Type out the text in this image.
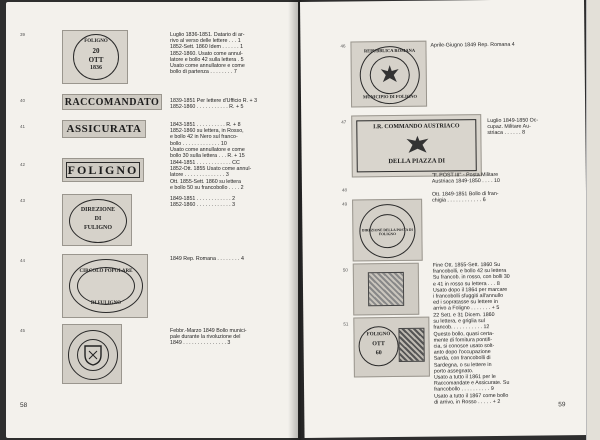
39
FOLIGNO
20
OTT
1836
Luglio 1836-1851. Datario di ar-
rivo al verso delle lettere . . . 1
1852-Sett. 1860 Idem . . . . . . 1
1852-1860. Usato come annul-
latore e bollo 42 sulla lettera . 5
Usato come annullatore e come
bollo di partenza . . . . . . . . 7
40	RACCOMANDATO	1839-1851 Per lettere d'Ufficio R. + 3
1852-1860 . . . . . . . . . . . R. + 5
41	ASSICURATA	1843-1851 . . . . . . . . . . R. + 8
1852-1860 su lettera, in Rosso,
e bollo 42 in Nero sul franco-
bollo . . . . . . . . . . . . . 10
Usato come annullatore e come
bollo 30 sulla lettera . . . R. + 15
42	FOLIGNO	1844-1851 . . . . . . . . . . . . CC
1852-Ott. 1855 Usato come annul-
latore . . . . . . . . . . . . . . 3
Ott. 1855-Sett. 1860 su lettera
e bollo 50 su francobollo . . . . 2
43
DIREZIONE
DI
FULIGNO
1849-1851 . . . . . . . . . . . . 2
1852-1860 . . . . . . . . . . . . 3
44
CIRCOLO POPOLARE
DI FULIGNO
1849 Rep. Romana . . . . . . . . 4
45	Febbr.-Marzo 1849 Bollo munici-
pale durante la rivoluzione del
1849 . . . . . . . . . . . . . . . 3
58
46
REPUBBLICA ROMANA
MUNICIPIO DI FOLIGNO
Aprile-Giugno 1849 Rep. Romana 4
47
I.R. COMMANDO AUSTRIACO
DELLA PIAZZA DI
Luglio 1849-1850 Oc-
cupaz. Militare Au-
striaca . . . . . . 8
48
"F. POST III" - Posta Militare
Austriaca 1849-1850 . . . . 10

Ott. 1849-1851 Bollo di fran-
chigia . . . . . . . . . . . . 6
49
DIREZIONE DELLA POSTA DI FOLIGNO
50
Fine Ott. 1855-Sett. 1860 Su
francobolli, e bollo 42 su lettera
Su francob. in rosso, con bolli 30
e 41 in rosso su lettera . . . 8
Usato dopo il 1864 per marcare
i francobolli sfuggiti all'annullo
ed i sopratasse su lettere in
arrivo a Foligno . . . . . . . + 5
51
FOLIGNO
OTT
60
22 Sett. e 31 Dicem. 1860
su lettera, e griglia sul
francob. . . . . . . . . . . 12
Questo bollo, quasi certa-
mente di fornitura pontifi-
cia, si conosce usato solt-
anto dopo l'occupazione
Sarda, con francobolli di
Sardegna, o su lettere in
porto assegnato.
Usato a tutto il 1861 per le
Raccomandate e Assicurate. Su
francobollo . . . . . . . . . . 9
Usato a tutto il 1867 come bollo
di arrivo, in Rosso . . . . . + 2	59
